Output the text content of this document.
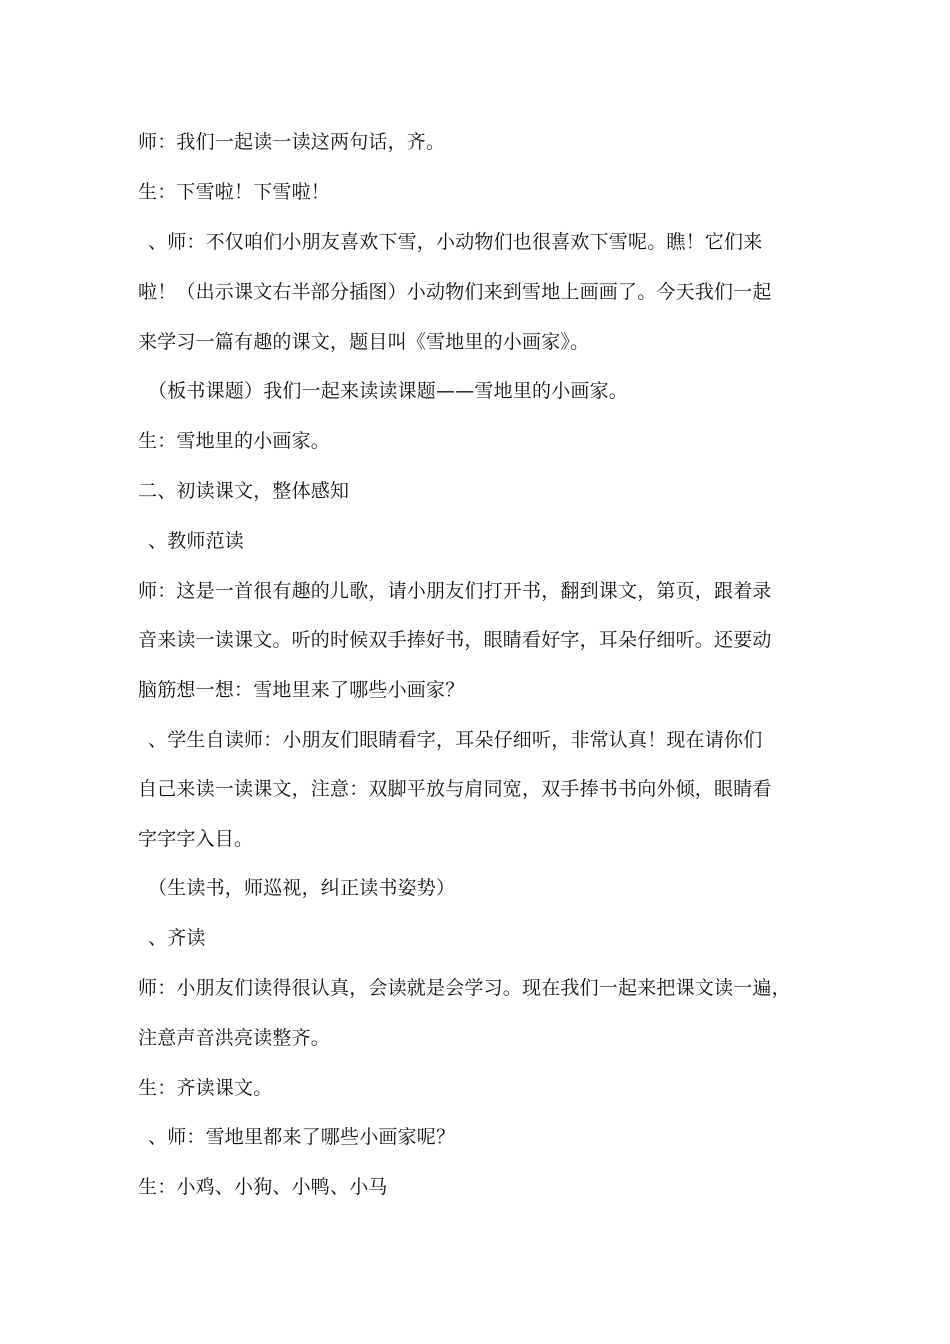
师：我们一起读一读这两句话，齐。
生：下雪啦！下雪啦！
、师：不仅咱们小朋友喜欢下雪，小动物们也很喜欢下雪呢。瞧！它们来
啦！（出示课文右半部分插图）小动物们来到雪地上画画了。今天我们一起
来学习一篇有趣的课文，题目叫《雪地里的小画家》。
（板书课题）我们一起来读读课题——雪地里的小画家。
生：雪地里的小画家。
二、初读课文，整体感知
、教师范读
师：这是一首很有趣的儿歌，请小朋友们打开书，翻到课文，第页，跟着录
音来读一读课文。听的时候双手捧好书，眼睛看好字，耳朵仔细听。还要动
脑筋想一想：雪地里来了哪些小画家？
、学生自读师：小朋友们眼睛看字，耳朵仔细听，非常认真！现在请你们
自己来读一读课文，注意：双脚平放与肩同宽，双手捧书书向外倾，眼睛看
字字字入目。
（生读书，师巡视，纠正读书姿势）
、齐读
师：小朋友们读得很认真，会读就是会学习。现在我们一起来把课文读一遍，
注意声音洪亮读整齐。
生：齐读课文。
、师：雪地里都来了哪些小画家呢？
生：小鸡、小狗、小鸭、小马
